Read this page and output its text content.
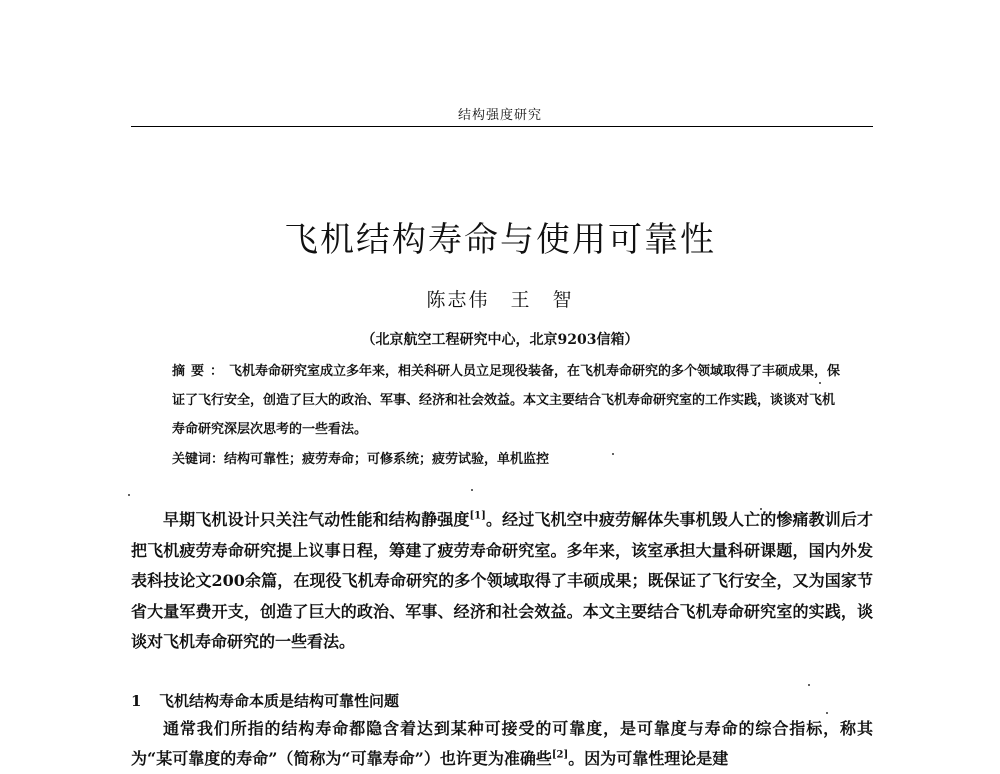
结构强度研究
飞机结构寿命与使用可靠性
陈志伟　王　智
（北京航空工程研究中心，北京9203信箱）
摘要：飞机寿命研究室成立多年来，相关科研人员立足现役装备，在飞机寿命研究的多个领域取得了丰硕成果，保证了飞行安全，创造了巨大的政治、军事、经济和社会效益。本文主要结合飞机寿命研究室的工作实践，谈谈对飞机寿命研究深层次思考的一些看法。
关键词：结构可靠性；疲劳寿命；可修系统；疲劳试验，单机监控
早期飞机设计只关注气动性能和结构静强度[1]。经过飞机空中疲劳解体失事机毁人亡的惨痛教训后才把飞机疲劳寿命研究提上议事日程，筹建了疲劳寿命研究室。多年来，该室承担大量科研课题，国内外发表科技论文200余篇，在现役飞机寿命研究的多个领域取得了丰硕成果；既保证了飞行安全，又为国家节省大量军费开支，创造了巨大的政治、军事、经济和社会效益。本文主要结合飞机寿命研究室的实践，谈谈对飞机寿命研究的一些看法。
1 飞机结构寿命本质是结构可靠性问题
通常我们所指的结构寿命都隐含着达到某种可接受的可靠度，是可靠度与寿命的综合指标，称其为“某可靠度的寿命”（简称为“可靠寿命”）也许更为准确些[2]。因为可靠性理论是建
